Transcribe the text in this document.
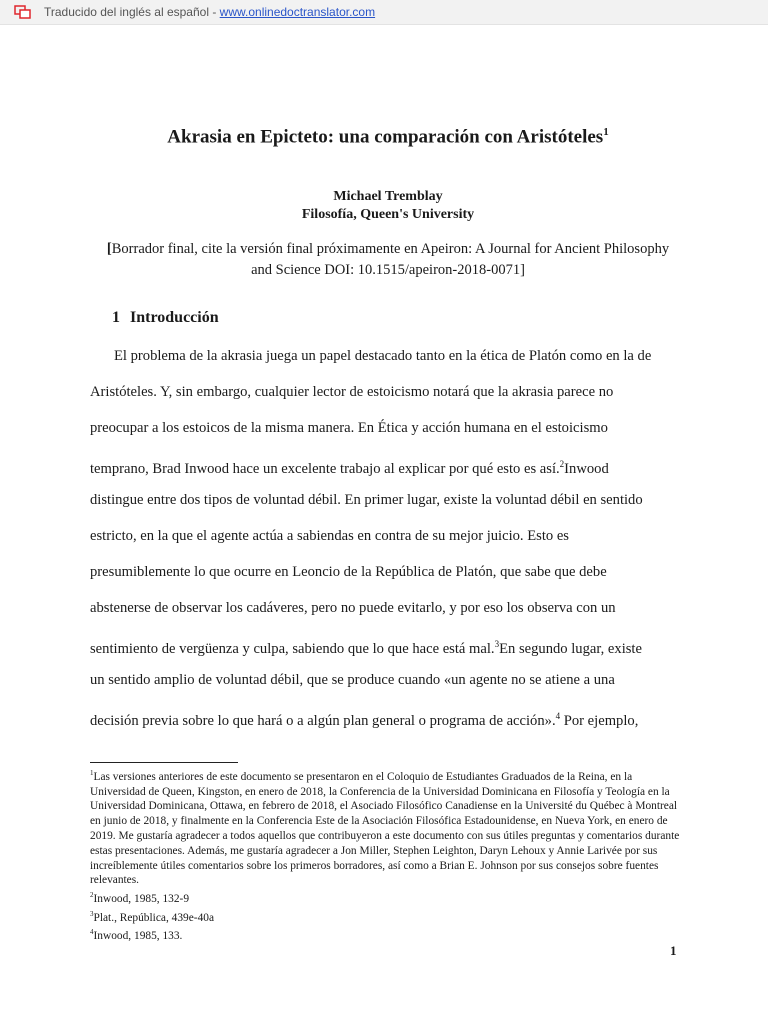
Traducido del inglés al español - www.onlinedoctranslator.com
Akrasia en Epicteto: una comparación con Aristóteles$^1$
Michael Tremblay
Filosofía, Queen's University
[Borrador final, cite la versión final próximamente en Apeiron: A Journal for Ancient Philosophy
and Science DOI: 10.1515/apeiron-2018-0071]
1 Introducción
El problema de la akrasia juega un papel destacado tanto en la ética de Platón como en la de
Aristóteles. Y, sin embargo, cualquier lector de estoicismo notará que la akrasia parece no
preocupar a los estoicos de la misma manera. En Ética y acción humana en el estoicismo
temprano, Brad Inwood hace un excelente trabajo al explicar por qué esto es así.$^2$Inwood
distingue entre dos tipos de voluntad débil. En primer lugar, existe la voluntad débil en sentido
estricto, en la que el agente actúa a sabiendas en contra de su mejor juicio. Esto es
presumiblemente lo que ocurre en Leoncio de la República de Platón, que sabe que debe
abstenerse de observar los cadáveres, pero no puede evitarlo, y por eso los observa con un
sentimiento de vergüenza y culpa, sabiendo que lo que hace está mal.$^3$En segundo lugar, existe
un sentido amplio de voluntad débil, que se produce cuando «un agente no se atiene a una
decisión previa sobre lo que hará o a algún plan general o programa de acción».$^4$ Por ejemplo,

$^1$Las versiones anteriores de este documento se presentaron en el Coloquio de Estudiantes Graduados de la Reina, en la Universidad de Queen, Kingston, en enero de 2018, la Conferencia de la Universidad Dominicana en Filosofía y Teología en la Universidad Dominicana, Ottawa, en febrero de 2018, el Asociado Filosófico Canadiense en la Université du Québec à Montreal en junio de 2018, y finalmente en la Conferencia Este de la Asociación Filosófica Estadounidense, en Nueva York, en enero de 2019. Me gustaría agradecer a todos aquellos que contribuyeron a este documento con sus útiles preguntas y comentarios durante estas presentaciones. Además, me gustaría agradecer a Jon Miller, Stephen Leighton, Daryn Lehoux y Annie Larivée por sus increíblemente útiles comentarios sobre los primeros borradores, así como a Brian E. Johnson por sus consejos sobre fuentes relevantes.

$^2$Inwood, 1985, 132-9

$^3$Plat., República, 439e-40a

$^4$Inwood, 1985, 133.

1
